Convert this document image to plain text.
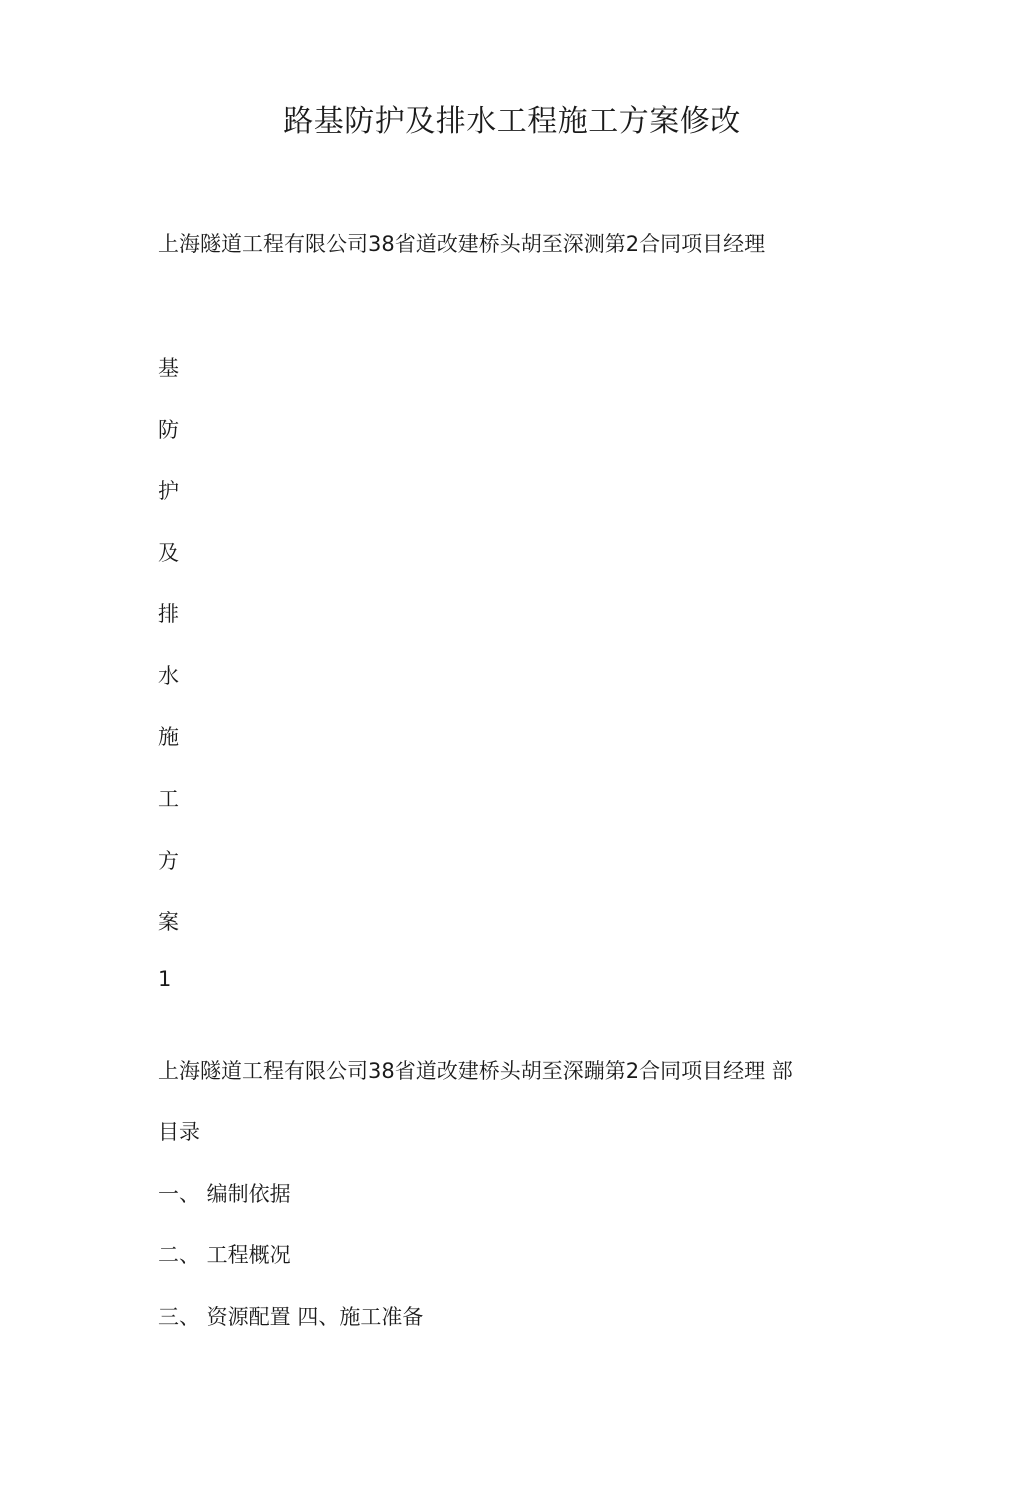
路基防护及排水工程施工方案修改
上海隧道工程有限公司38省道改建桥头胡至深测第2合同项目经理
基
防
护
及
排
水
施
工
方
案
1
上海隧道工程有限公司38省道改建桥头胡至深蹦第2合同项目经理 部
目录
一、 编制依据
二、 工程概况
三、 资源配置 四、施工准备
